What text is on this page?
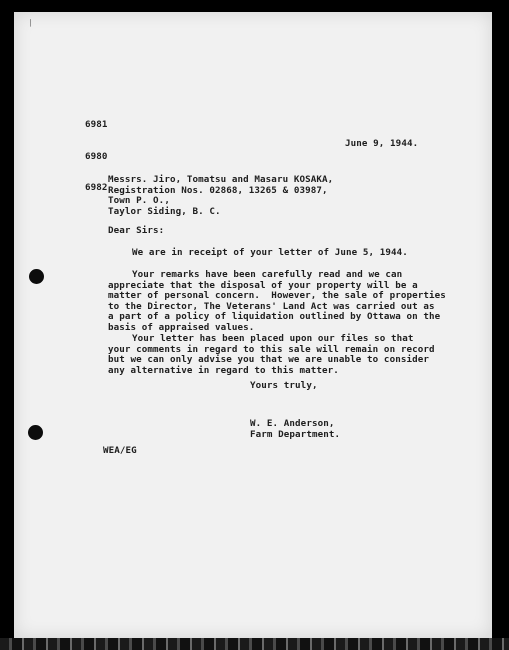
⁄

6981

6980

6982

June 9, 1944.
Messrs. Jiro, Tomatsu and Masaru KOSAKA,
Registration Nos. 02868, 13265 & 03987,
Town P. O.,
Taylor Siding, B. C.
Dear Sirs:
We are in receipt of your letter of June 5, 1944.
Your remarks have been carefully read and we can
appreciate that the disposal of your property will be a
matter of personal concern.  However, the sale of properties
to the Director, The Veterans' Land Act was carried out as
a part of a policy of liquidation outlined by Ottawa on the
basis of appraised values.
Your letter has been placed upon our files so that
your comments in regard to this sale will remain on record
but we can only advise you that we are unable to consider
any alternative in regard to this matter.
Yours truly,
W. E. Anderson,
Farm Department.
WEA/EG
